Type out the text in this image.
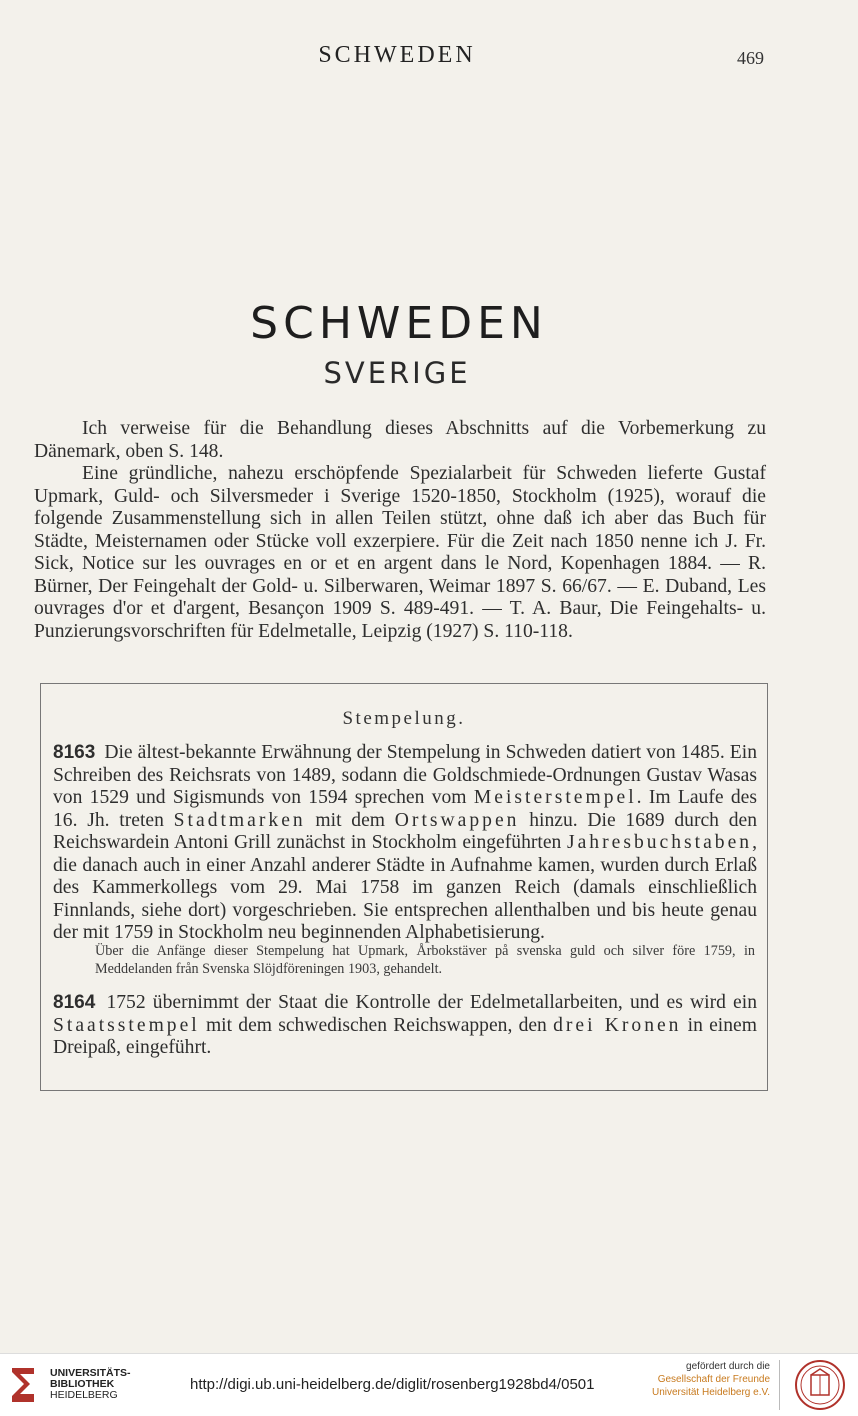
SCHWEDEN	469
SCHWEDEN
SVERIGE

Ich verweise für die Behandlung dieses Abschnitts auf die Vorbemerkung zu Dänemark, oben S. 148.

Eine gründliche, nahezu erschöpfende Spezialarbeit für Schweden lieferte Gustaf Upmark, Guld- och Silversmeder i Sverige 1520-1850, Stockholm (1925), worauf die folgende Zusammenstellung sich in allen Teilen stützt, ohne daß ich aber das Buch für Städte, Meisternamen oder Stücke voll exzerpiere. Für die Zeit nach 1850 nenne ich J. Fr. Sick, Notice sur les ouvrages en or et en argent dans le Nord, Kopenhagen 1884. — R. Bürner, Der Feingehalt der Gold- u. Silberwaren, Weimar 1897 S. 66/67. — E. Duband, Les ouvrages d'or et d'argent, Besançon 1909 S. 489-491. — T. A. Baur, Die Feingehalts- u. Punzierungsvorschriften für Edelmetalle, Leipzig (1927) S. 110-118.

Stempelung.
8163 Die ältest-bekannte Erwähnung der Stempelung in Schweden datiert von 1485. Ein Schreiben des Reichsrats von 1489, sodann die Goldschmiede-Ordnungen Gustav Wasas von 1529 und Sigismunds von 1594 sprechen vom Meisterstempel. Im Laufe des 16. Jh. treten Stadtmarken mit dem Ortswappen hinzu. Die 1689 durch den Reichswardein Antoni Grill zunächst in Stockholm eingeführten Jahresbuchstaben, die danach auch in einer Anzahl anderer Städte in Aufnahme kamen, wurden durch Erlaß des Kammerkollegs vom 29. Mai 1758 im ganzen Reich (damals einschließlich Finnlands, siehe dort) vorgeschrieben. Sie entsprechen allenthalben und bis heute genau der mit 1759 in Stockholm neu beginnenden Alphabetisierung.
Über die Anfänge dieser Stempelung hat Upmark, Årbokstäver på svenska guld och silver före 1759, in Meddelanden från Svenska Slöjdföreningen 1903, gehandelt.
8164 1752 übernimmt der Staat die Kontrolle der Edelmetallarbeiten, und es wird ein Staatsstempel mit dem schwedischen Reichswappen, den drei Kronen in einem Dreipaß, eingeführt.
UNIVERSITÄTS-
BIBLIOTHEK
HEIDELBERG
http://digi.ub.uni-heidelberg.de/diglit/rosenberg1928bd4/0501
gefördert durch die
Gesellschaft der Freunde
Universität Heidelberg e.V.
